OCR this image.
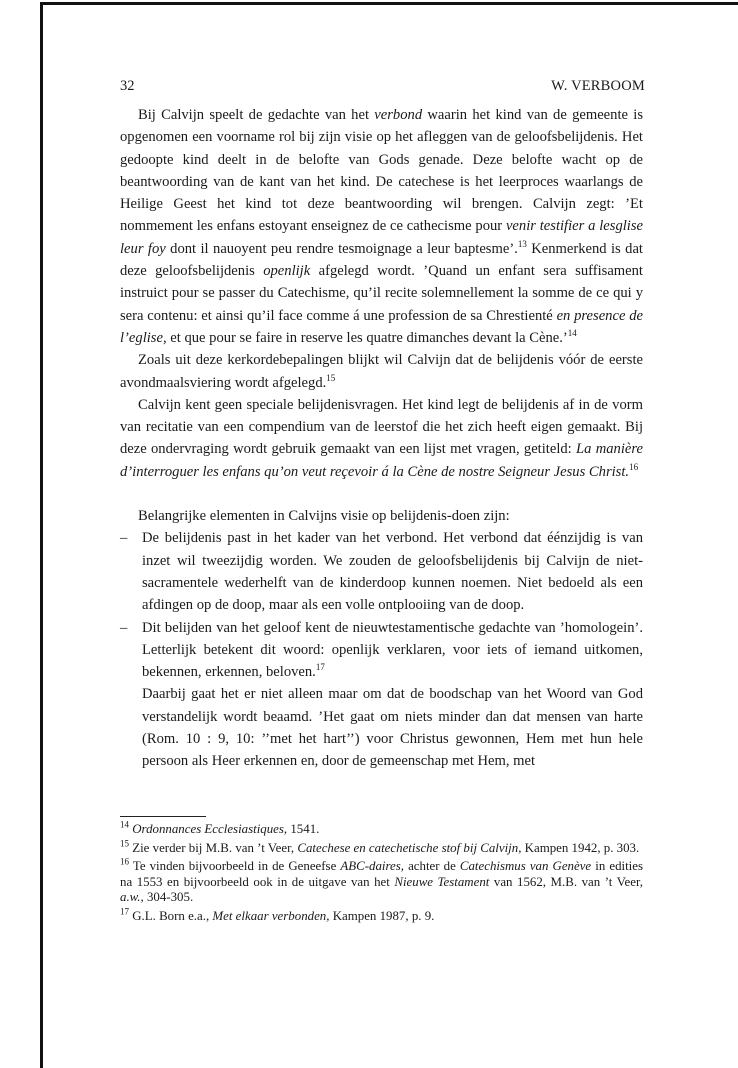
32	W. VERBOOM

Bij Calvijn speelt de gedachte van het verbond waarin het kind van de gemeente is opgenomen een voorname rol bij zijn visie op het afleggen van de geloofsbelijdenis. Het gedoopte kind deelt in de belofte van Gods genade. Deze belofte wacht op de beantwoording van de kant van het kind. De catechese is het leerproces waarlangs de Heilige Geest het kind tot deze beantwoording wil brengen. Calvijn zegt: ’Et nommement les enfans estoyant enseignez de ce cathecisme pour venir testifier a lesglise leur foy dont il nauoyent peu rendre tesmoignage a leur baptesme’.$^{13}$ Kenmerkend is dat deze geloofsbelijdenis openlijk afgelegd wordt. ’Quand un enfant sera suffisament instruict pour se passer du Catechisme, qu’il recite solemnellement la somme de ce qui y sera contenu: et ainsi qu’il face comme á une profession de sa Chrestienté en presence de l’eglise, et que pour se faire in reserve les quatre dimanches devant la Cène.’$^{14}$

Zoals uit deze kerkordebepalingen blijkt wil Calvijn dat de belijdenis vóór de eerste avondmaalsviering wordt afgelegd.$^{15}$

Calvijn kent geen speciale belijdenisvragen. Het kind legt de belijdenis af in de vorm van recitatie van een compendium van de leerstof die het zich heeft eigen gemaakt. Bij deze ondervraging wordt gebruik gemaakt van een lijst met vragen, getiteld: La manière d’interroguer les enfans qu’on veut reçevoir á la Cène de nostre Seigneur Jesus Christ.$^{16}$

Belangrijke elementen in Calvijns visie op belijdenis-doen zijn:

– De belijdenis past in het kader van het verbond. Het verbond dat éénzijdig is van inzet wil tweezijdig worden. We zouden de geloofsbelijdenis bij Calvijn de niet-sacramentele wederhelft van de kinderdoop kunnen noemen. Niet bedoeld als een afdingen op de doop, maar als een volle ontplooiing van de doop.
– Dit belijden van het geloof kent de nieuwtestamentische gedachte van ’homologein’. Letterlijk betekent dit woord: openlijk verklaren, voor iets of iemand uitkomen, bekennen, erkennen, beloven.$^{17}$

Daarbij gaat het er niet alleen maar om dat de boodschap van het Woord van God verstandelijk wordt beaamd. ’Het gaat om niets minder dan dat mensen van harte (Rom. 10 : 9, 10: ’’met het hart’’) voor Christus gewonnen, Hem met hun hele persoon als Heer erkennen en, door de gemeenschap met Hem, met

$^{14}$ Ordonnances Ecclesiastiques, 1541.

$^{15}$ Zie verder bij M.B. van ’t Veer, Catechese en catechetische stof bij Calvijn, Kampen 1942, p. 303.

$^{16}$ Te vinden bijvoorbeeld in de Geneefse ABC-daires, achter de Catechismus van Genève in edities na 1553 en bijvoorbeeld ook in de uitgave van het Nieuwe Testament van 1562, M.B. van ’t Veer, a.w., 304-305.

$^{17}$ G.L. Born e.a., Met elkaar verbonden, Kampen 1987, p. 9.
